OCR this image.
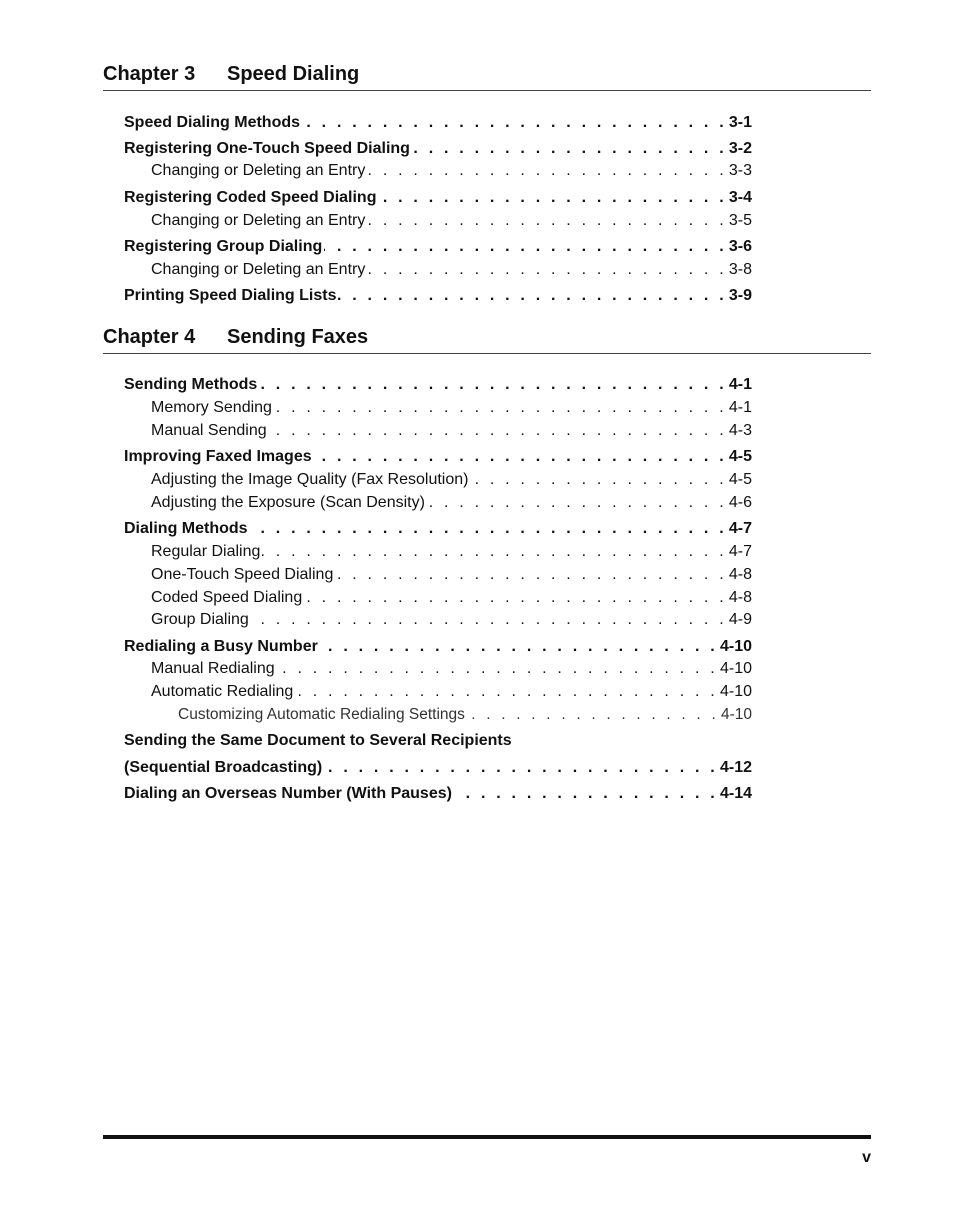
Chapter 3 Speed Dialing
Speed Dialing Methods . . .	3-1
Registering One-Touch Speed Dialing . . .	3-2
Changing or Deleting an Entry . . .	3-3
Registering Coded Speed Dialing . . .	3-4
Changing or Deleting an Entry . . .	3-5
Registering Group Dialing . . .	3-6
Changing or Deleting an Entry . . .	3-8
Printing Speed Dialing Lists . . .	3-9
Chapter 4 Sending Faxes
Sending Methods . . .	4-1
Memory Sending . . .	4-1
Manual Sending . . .	4-3
Improving Faxed Images . . .	4-5
Adjusting the Image Quality (Fax Resolution) . . .	4-5
Adjusting the Exposure (Scan Density) . . .	4-6
Dialing Methods . . .	4-7
Regular Dialing . . .	4-7
One-Touch Speed Dialing . . .	4-8
Coded Speed Dialing . . .	4-8
Group Dialing . . .	4-9
Redialing a Busy Number . . .	4-10
Manual Redialing . . .	4-10
Automatic Redialing . . .	4-10
Customizing Automatic Redialing Settings . . .	4-10
Sending the Same Document to Several Recipients
(Sequential Broadcasting) . . .	4-12
Dialing an Overseas Number (With Pauses) . . .	4-14
v
